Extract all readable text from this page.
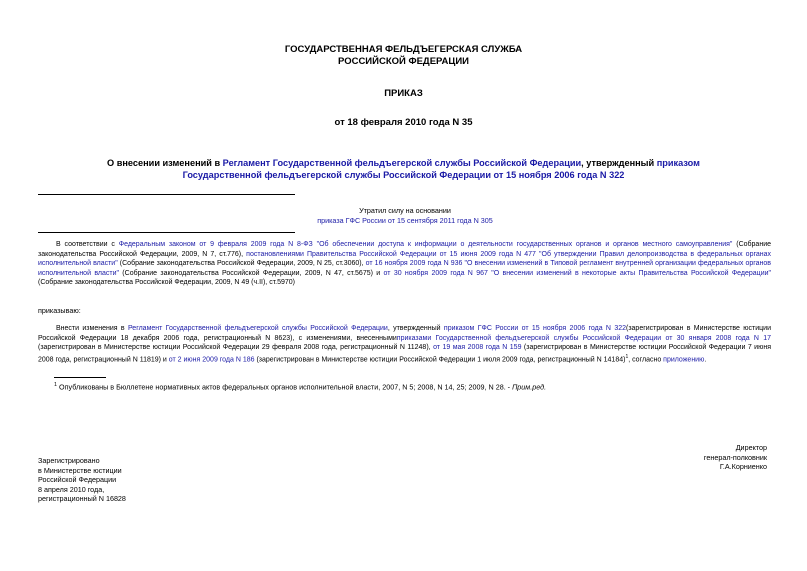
ГОСУДАРСТВЕННАЯ ФЕЛЬДЪЕГЕРСКАЯ СЛУЖБА
РОССИЙСКОЙ ФЕДЕРАЦИИ
ПРИКАЗ
от 18 февраля 2010 года N 35
О внесении изменений в Регламент Государственной фельдъегерской службы Российской Федерации, утвержденный приказом Государственной фельдъегерской службы Российской Федерации от 15 ноября 2006 года N 322
Утратил силу на основании
приказа ГФС России от 15 сентября 2011 года N 305
В соответствии с Федеральным законом от 9 февраля 2009 года N 8-ФЗ "Об обеспечении доступа к информации о деятельности государственных органов и органов местного самоуправления" (Собрание законодательства Российской Федерации, 2009, N 7, ст.776), постановлениями Правительства Российской Федерации от 15 июня 2009 года N 477 "Об утверждении Правил делопроизводства в федеральных органах исполнительной власти" (Собрание законодательства Российской Федерации, 2009, N 25, ст.3060), от 16 ноября 2009 года N 936 "О внесении изменений в Типовой регламент внутренней организации федеральных органов исполнительной власти" (Собрание законодательства Российской Федерации, 2009, N 47, ст.5675) и от 30 ноября 2009 года N 967 "О внесении изменений в некоторые акты Правительства Российской Федерации" (Собрание законодательства Российской Федерации, 2009, N 49 (ч.II), ст.5970)
приказываю:
Внести изменения в Регламент Государственной фельдъегерской службы Российской Федерации, утвержденный приказом ГФС России от 15 ноября 2006 года N 322(зарегистрирован в Министерстве юстиции Российской Федерации 18 декабря 2006 года, регистрационный N 8623), с изменениями, внесеннымиприказами Государственной фельдъегерской службы Российской Федерации от 30 января 2008 года N 17 (зарегистрирован в Министерстве юстиции Российской Федерации 29 февраля 2008 года, регистрационный N 11248), от 19 мая 2008 года N 159 (зарегистрирован в Министерстве юстиции Российской Федерации 7 июня 2008 года, регистрационный N 11819) и от 2 июня 2009 года N 186 (зарегистрирован в Министерстве юстиции Российской Федерации 1 июля 2009 года, регистрационный N 14184)$^1$, согласно приложению.
$^1$ Опубликованы в Бюллетене нормативных актов федеральных органов исполнительной власти, 2007, N 5; 2008, N 14, 25; 2009, N 28. - Прим.ред.
Директор
генерал-полковник
Г.А.Корниенко
Зарегистрировано
в Министерстве юстиции
Российской Федерации
8 апреля 2010 года,
регистрационный N 16828
